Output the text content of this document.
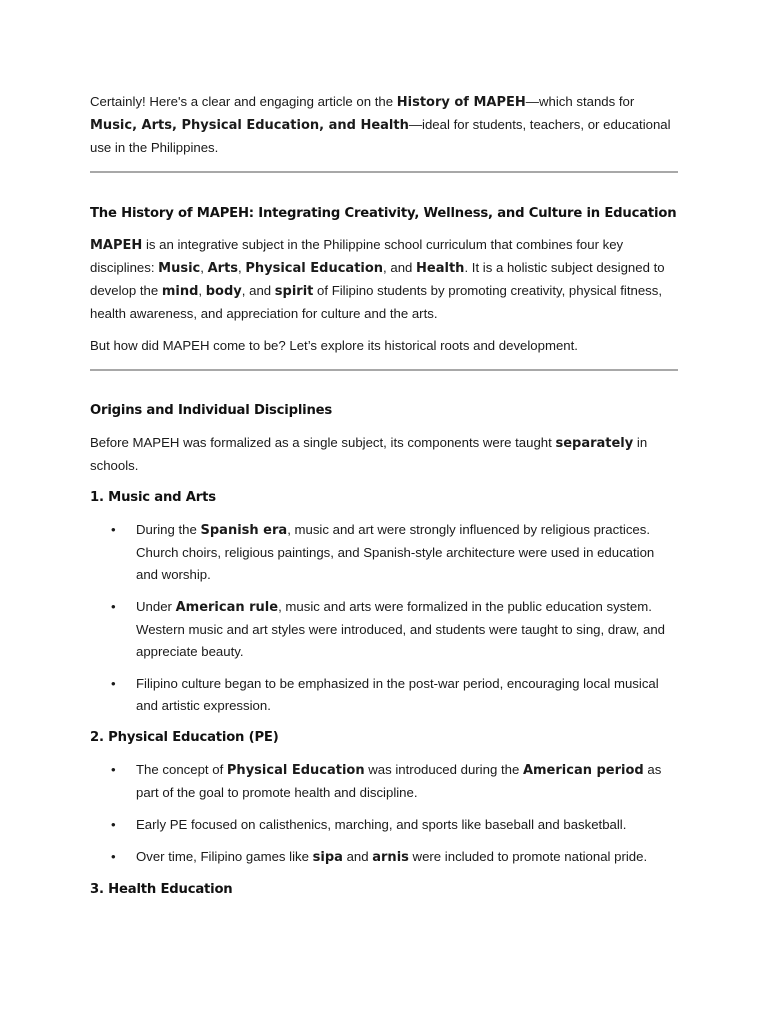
Certainly! Here's a clear and engaging article on the History of MAPEH—which stands for Music, Arts, Physical Education, and Health—ideal for students, teachers, or educational use in the Philippines.

The History of MAPEH: Integrating Creativity, Wellness, and Culture in Education

MAPEH is an integrative subject in the Philippine school curriculum that combines four key disciplines: Music, Arts, Physical Education, and Health. It is a holistic subject designed to develop the mind, body, and spirit of Filipino students by promoting creativity, physical fitness, health awareness, and appreciation for culture and the arts.

But how did MAPEH come to be? Let’s explore its historical roots and development.

Origins and Individual Disciplines

Before MAPEH was formalized as a single subject, its components were taught separately in schools.

1. Music and Arts
• During the Spanish era, music and art were strongly influenced by religious practices. Church choirs, religious paintings, and Spanish-style architecture were used in education and worship.
• Under American rule, music and arts were formalized in the public education system. Western music and art styles were introduced, and students were taught to sing, draw, and appreciate beauty.
• Filipino culture began to be emphasized in the post-war period, encouraging local musical and artistic expression.
2. Physical Education (PE)
• The concept of Physical Education was introduced during the American period as part of the goal to promote health and discipline.
• Early PE focused on calisthenics, marching, and sports like baseball and basketball.
• Over time, Filipino games like sipa and arnis were included to promote national pride.
3. Health Education
